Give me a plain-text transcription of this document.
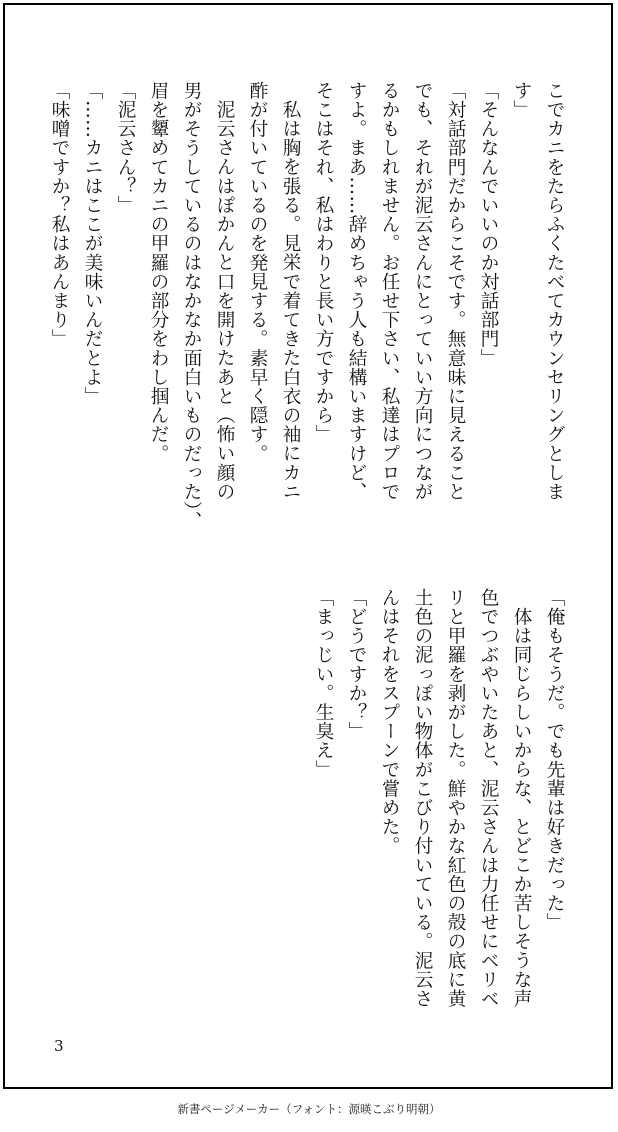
こでカニをたらふくたべてカウンセリングとしま
す」
「そんなんでいいのか対話部門」
「対話部門だからこそです。無意味に見えること
でも、それが泥云さんにとっていい方向につなが
るかもしれません。お任せ下さい、私達はプロで
すよ。まあ……辞めちゃう人も結構いますけど、
そこはそれ、私はわりと長い方ですから」
私は胸を張る。見栄で着てきた白衣の袖にカニ
酢が付いているのを発見する。素早く隠す。
泥云さんはぽかんと口を開けたあと（怖い顔の
男がそうしているのはなかなか面白いものだった）、
眉を顰めてカニの甲羅の部分をわし掴んだ。
「泥云さん？」
「……カニはここが美味いんだとよ」
「味噌ですか？私はあんまり」
「俺もそうだ。でも先輩は好きだった」
体は同じらしいからな、とどこか苦しそうな声
色でつぶやいたあと、泥云さんは力任せにベリベ
リと甲羅を剥がした。鮮やかな紅色の殻の底に黄
土色の泥っぽい物体がこびり付いている。泥云さ
んはそれをスプーンで嘗めた。
「どうですか？」
「まっじい。生臭え」
3
新書ページメーカー（フォント：源暎こぶり明朝）
